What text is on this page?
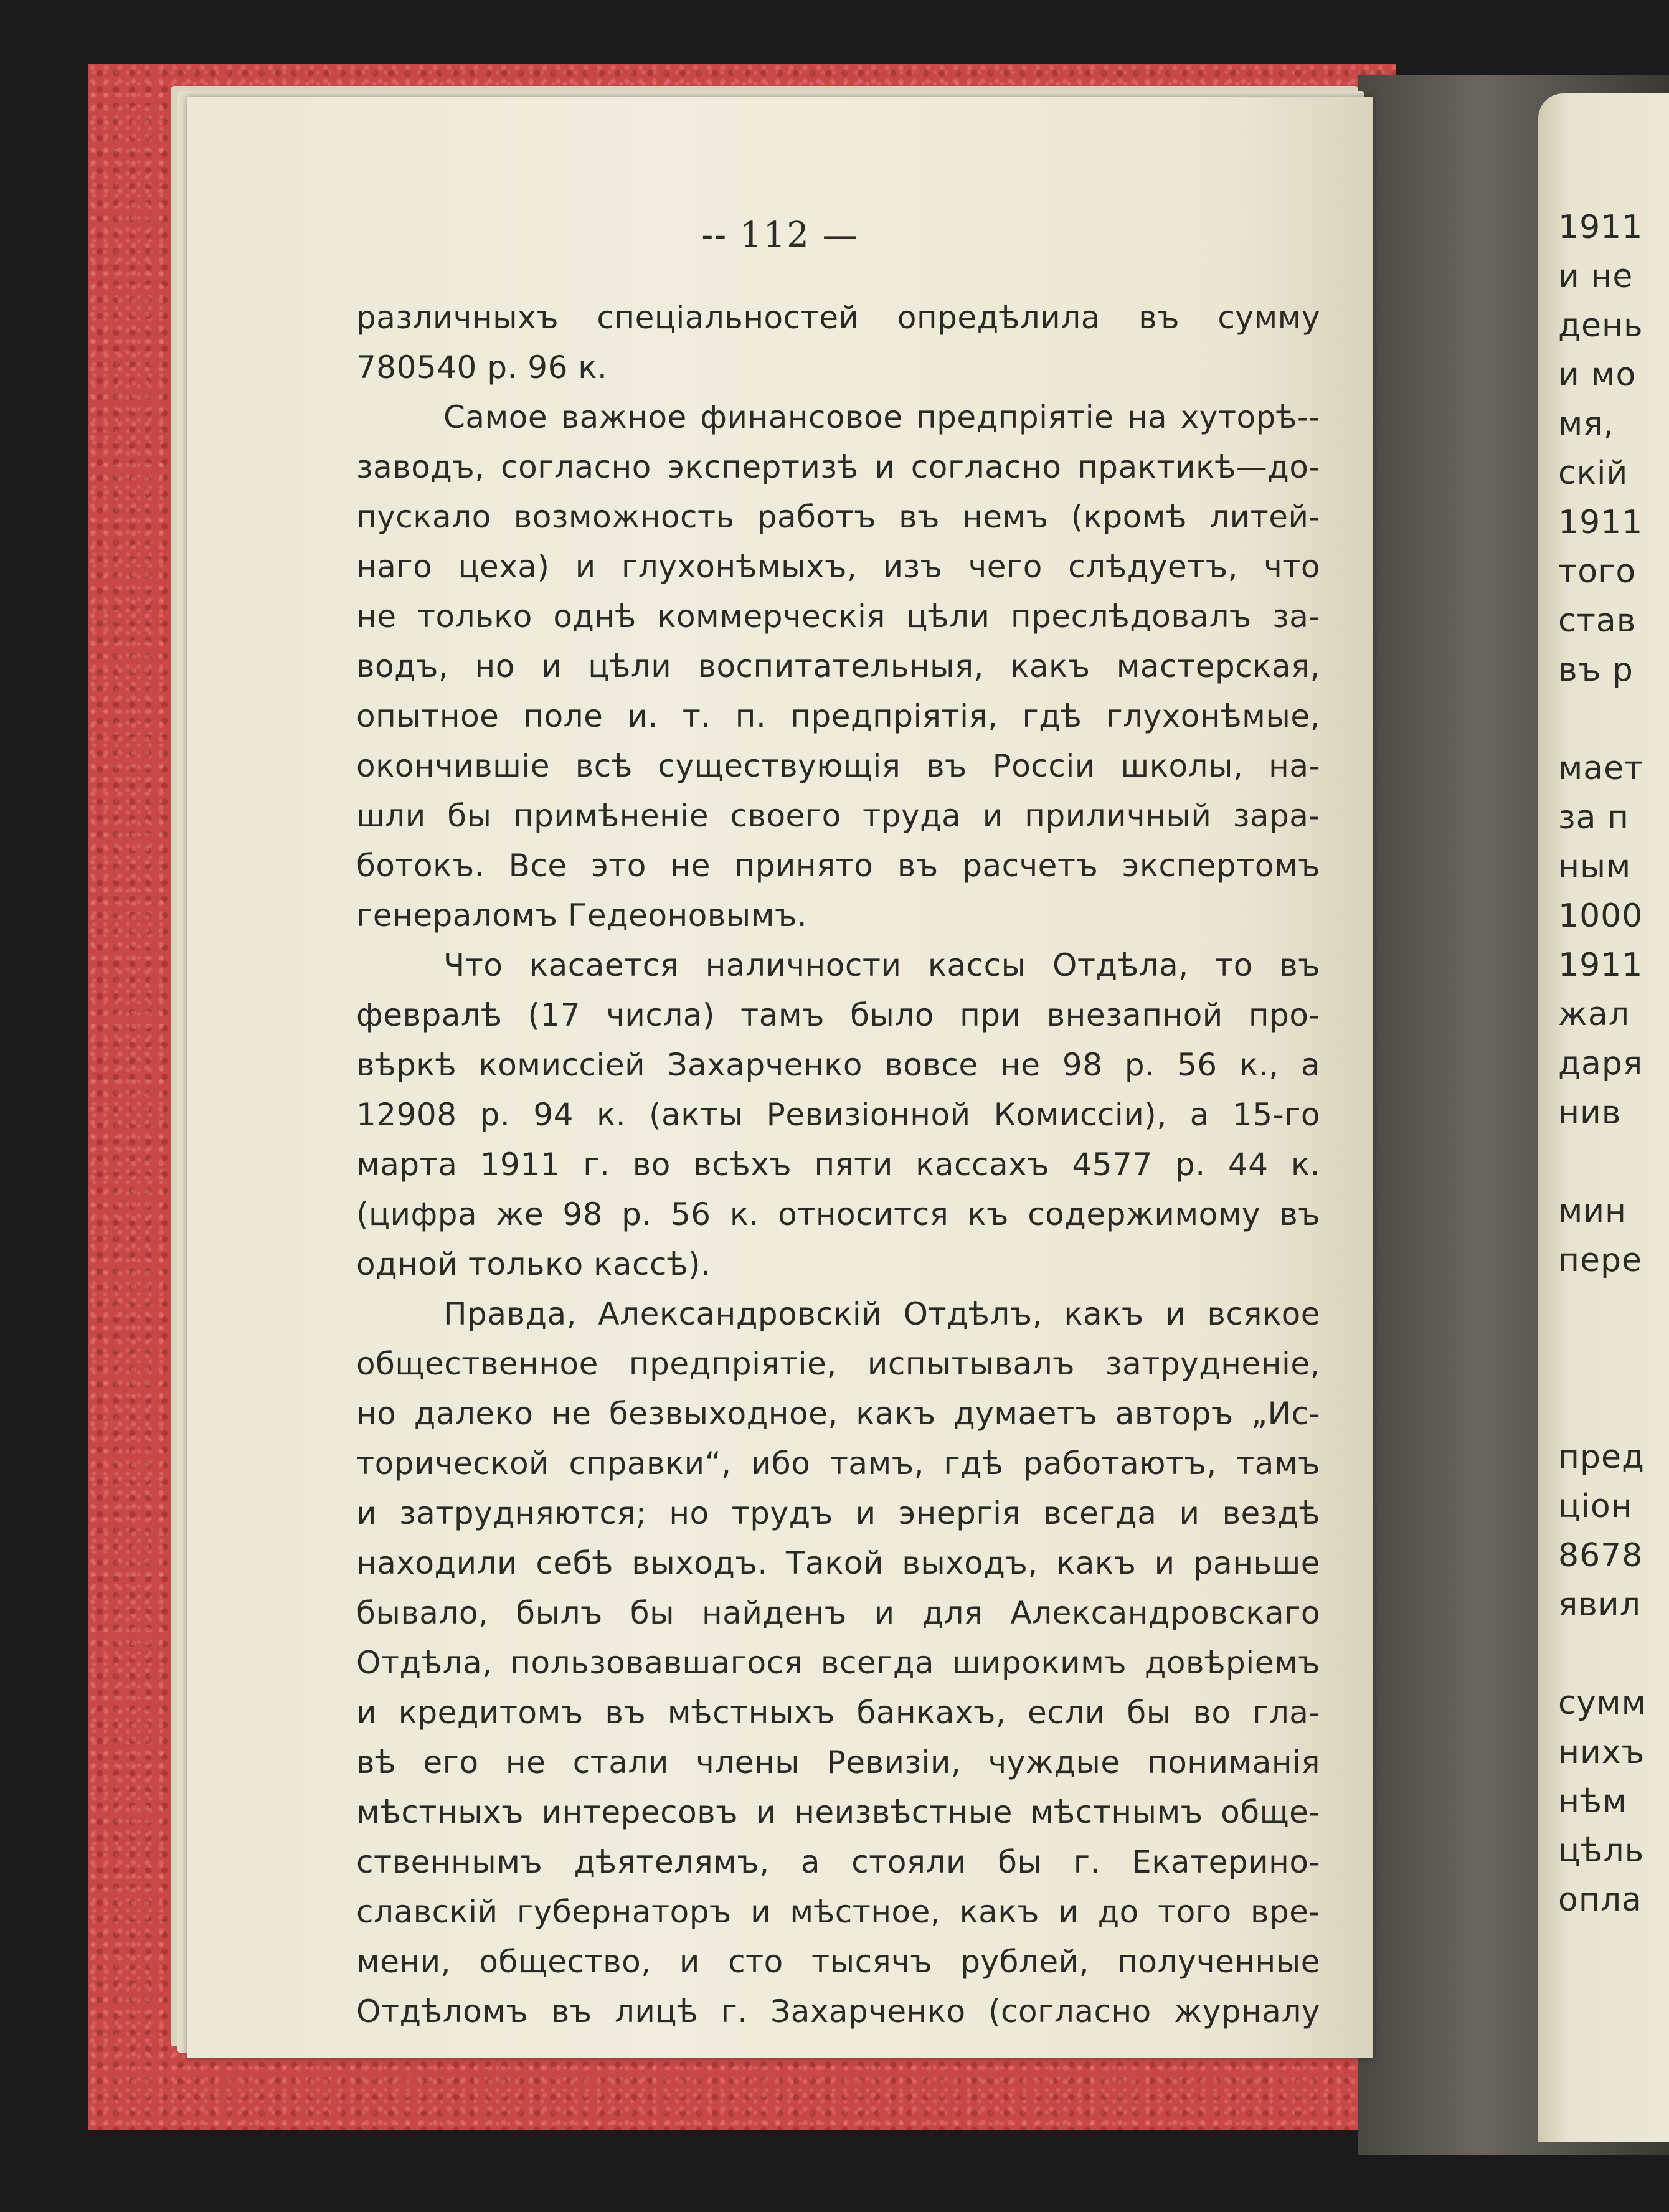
1911
и не
день
и мо
мя,
скій
1911
того
став
въ р
мает
за п
ным
1000
1911
жал
даря
нив
мин
пере
пред
ціон
8678
явил
сумм
нихъ
нѣм
цѣль
опла
-- 112 —
различныхъ спеціальностей опредѣлила въ сумму
780540 р. 96 к.
Самое важное финансовое предпріятіе на хуторѣ--
заводъ, согласно экспертизѣ и согласно практикѣ—до-
пускало возможность работъ въ немъ (кромѣ литей-
наго цеха) и глухонѣмыхъ, изъ чего слѣдуетъ, что
не только однѣ коммерческія цѣли преслѣдовалъ за-
водъ, но и цѣли воспитательныя, какъ мастерская,
опытное поле и. т. п. предпріятія, гдѣ глухонѣмые,
окончившіе всѣ существующія въ Россіи школы, на-
шли бы примѣненіе своего труда и приличный зара-
ботокъ. Все это не принято въ расчетъ экспертомъ
генераломъ Гедеоновымъ.
Что касается наличности кассы Отдѣла, то въ
февралѣ (17 числа) тамъ было при внезапной про-
вѣркѣ комиссіей Захарченко вовсе не 98 р. 56 к., а
12908 р. 94 к. (акты Ревизіонной Комиссіи), а 15-го
марта 1911 г. во всѣхъ пяти кассахъ 4577 р. 44 к.
(цифра же 98 р. 56 к. относится къ содержимому въ
одной только кассѣ).
Правда, Александровскій Отдѣлъ, какъ и всякое
общественное предпріятіе, испытывалъ затрудненіе,
но далеко не безвыходное, какъ думаетъ авторъ „Ис-
торической справки“, ибо тамъ, гдѣ работаютъ, тамъ
и затрудняются; но трудъ и энергія всегда и вездѣ
находили себѣ выходъ. Такой выходъ, какъ и раньше
бывало, былъ бы найденъ и для Александровскаго
Отдѣла, пользовавшагося всегда широкимъ довѣріемъ
и кредитомъ въ мѣстныхъ банкахъ, если бы во гла-
вѣ его не стали члены Ревизіи, чуждые пониманія
мѣстныхъ интересовъ и неизвѣстные мѣстнымъ обще-
ственнымъ дѣятелямъ, а стояли бы г. Екатерино-
славскій губернаторъ и мѣстное, какъ и до того вре-
мени, общество, и сто тысячъ рублей, полученные
Отдѣломъ въ лицѣ г. Захарченко (согласно журналу
